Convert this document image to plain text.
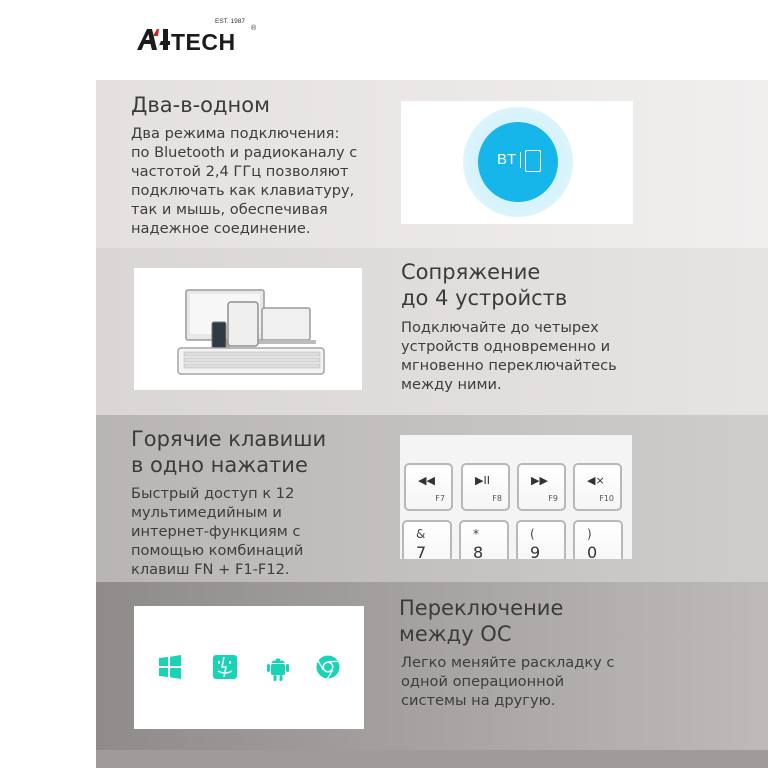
TECH
EST. 1987
®
Два-в-одном
Два режима подключения:
по Bluetooth и радиоканалу с
частотой 2,4 ГГц позволяют
подключать как клавиатуру,
так и мышь, обеспечивая
надежное соединение.
BT
Сопряжение
до 4 устройств
Подключайте до четырех
устройств одновременно и
мгновенно переключайтесь
между ними.
Горячие клавиши
в одно нажатие
Быстрый доступ к 12
мультимедийным и
интернет-функциям с
помощью комбинаций
клавиш FN + F1-F12.
◀◀
F7
▶II
F8
▶▶
F9
◀×
F10
&
7
*
8
(
9
)
0
Переключение
между ОС
Легко меняйте раскладку с
одной операционной
системы на другую.
